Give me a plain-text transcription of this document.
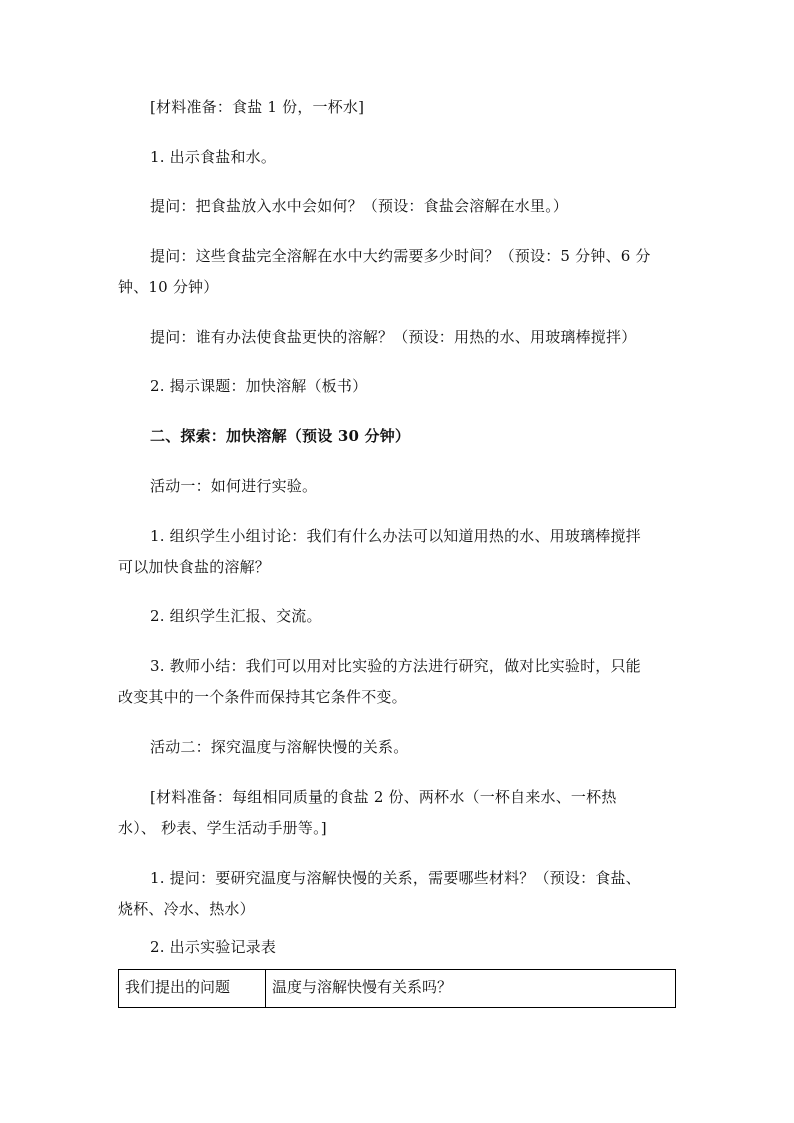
[材料准备：食盐 1 份，一杯水]
1. 出示食盐和水。
提问：把食盐放入水中会如何？（预设：食盐会溶解在水里。）
提问：这些食盐完全溶解在水中大约需要多少时间？（预设：5 分钟、6 分
钟、10 分钟）
提问：谁有办法使食盐更快的溶解？（预设：用热的水、用玻璃棒搅拌）
2. 揭示课题：加快溶解（板书）
二、探索：加快溶解（预设 30 分钟）
活动一：如何进行实验。
1. 组织学生小组讨论：我们有什么办法可以知道用热的水、用玻璃棒搅拌
可以加快食盐的溶解？
2. 组织学生汇报、交流。
3. 教师小结：我们可以用对比实验的方法进行研究，做对比实验时，只能
改变其中的一个条件而保持其它条件不变。
活动二：探究温度与溶解快慢的关系。
[材料准备：每组相同质量的食盐 2 份、两杯水（一杯自来水、一杯热
水）、 秒表、学生活动手册等。]
1. 提问：要研究温度与溶解快慢的关系，需要哪些材料？（预设：食盐、
烧杯、冷水、热水）
2. 出示实验记录表
我们提出的问题	温度与溶解快慢有关系吗？
